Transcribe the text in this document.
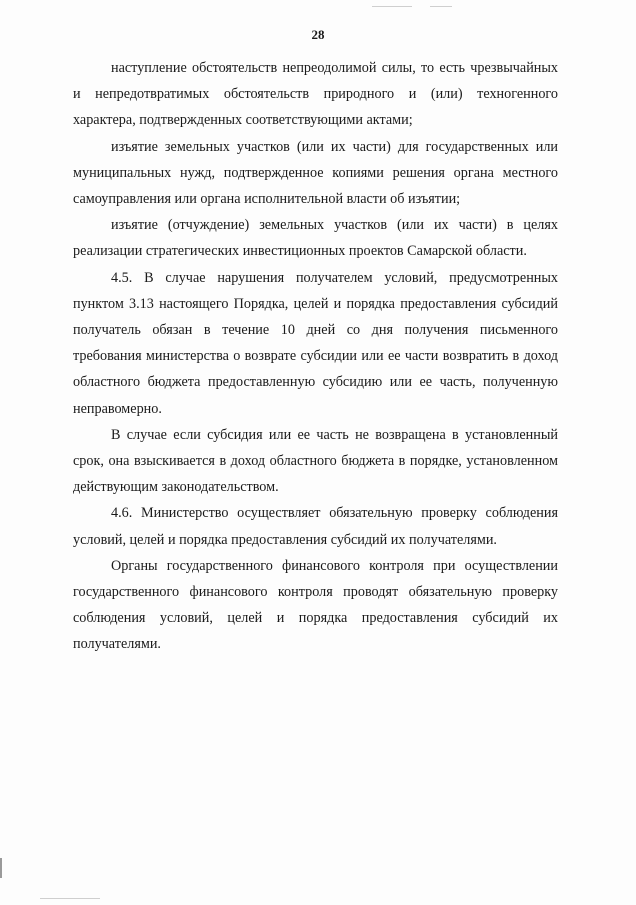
28

наступление обстоятельств непреодолимой силы, то есть чрезвычайных и непредотвратимых обстоятельств природного и (или) техногенного характера, подтвержденных соответствующими актами;

изъятие земельных участков (или их части) для государственных или муниципальных нужд, подтвержденное копиями решения органа местного самоуправления или органа исполнительной власти об изъятии;

изъятие (отчуждение) земельных участков (или их части) в целях реализации стратегических инвестиционных проектов Самарской области.

4.5. В случае нарушения получателем условий, предусмотренных пунктом 3.13 настоящего Порядка, целей и порядка предоставления субсидий получатель обязан в течение 10 дней со дня получения письменного требования министерства о возврате субсидии или ее части возвратить в доход областного бюджета предоставленную субсидию или ее часть, полученную неправомерно.

В случае если субсидия или ее часть не возвращена в установленный срок, она взыскивается в доход областного бюджета в порядке, установленном действующим законодательством.

4.6. Министерство осуществляет обязательную проверку соблюдения условий, целей и порядка предоставления субсидий их получателями.

Органы государственного финансового контроля при осуществлении государственного финансового контроля проводят обязательную проверку соблюдения условий, целей и порядка предоставления субсидий их получателями.
